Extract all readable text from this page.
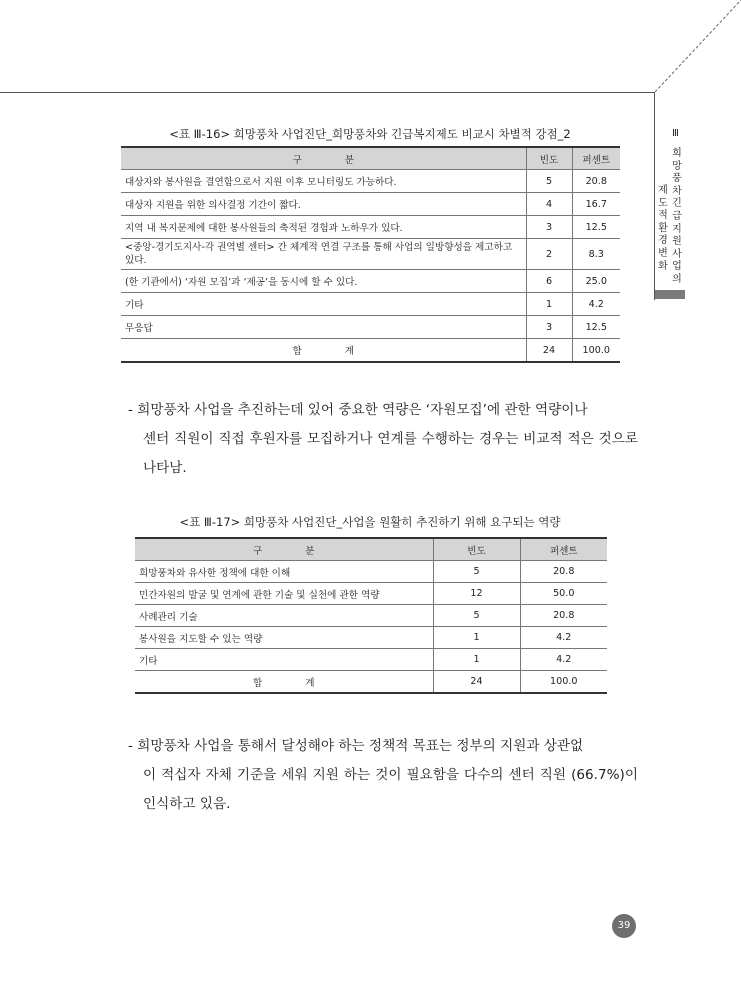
Ⅲ
희망풍차긴급지원사업의
제도적환경변화
<표 Ⅲ-16> 희망풍차 사업진단_희망풍차와 긴급복지제도 비교시 차별적 강점_2
구 분	빈도	퍼센트
대상자와 봉사원을 결연함으로서 지원 이후 모니터링도 가능하다.	5	20.8
대상자 지원을 위한 의사결정 기간이 짧다.	4	16.7
지역 내 복지문제에 대한 봉사원들의 축적된 경험과 노하우가 있다.	3	12.5
<중앙-경기도지사-각 권역별 센터> 간 체계적 연결 구조를 통해 사업의 일방향성을 제고하고 있다.	2	8.3
(한 기관에서) ‘자원 모집’과 ‘제공’을 동시에 할 수 있다.	6	25.0
기타	1	4.2
무응답	3	12.5
합 계	24	100.0
- 희망풍차 사업을 추진하는데 있어 중요한 역량은 ‘자원모집’에 관한 역량이나
센터 직원이 직접 후원자를 모집하거나 연계를 수행하는 경우는 비교적 적은 것으로 나타남.
<표 Ⅲ-17> 희망풍차 사업진단_사업을 원활히 추진하기 위해 요구되는 역량
구 분	빈도	퍼센트
희망풍차와 유사한 정책에 대한 이해	5	20.8
민간자원의 발굴 및 연계에 관한 기술 및 실천에 관한 역량	12	50.0
사례관리 기술	5	20.8
봉사원을 지도할 수 있는 역량	1	4.2
기타	1	4.2
합 계	24	100.0
- 희망풍차 사업을 통해서 달성해야 하는 정책적 목표는 정부의 지원과 상관없
이 적십자 자체 기준을 세워 지원 하는 것이 필요함을 다수의 센터 직원 (66.7%)이 인식하고 있음.
39
